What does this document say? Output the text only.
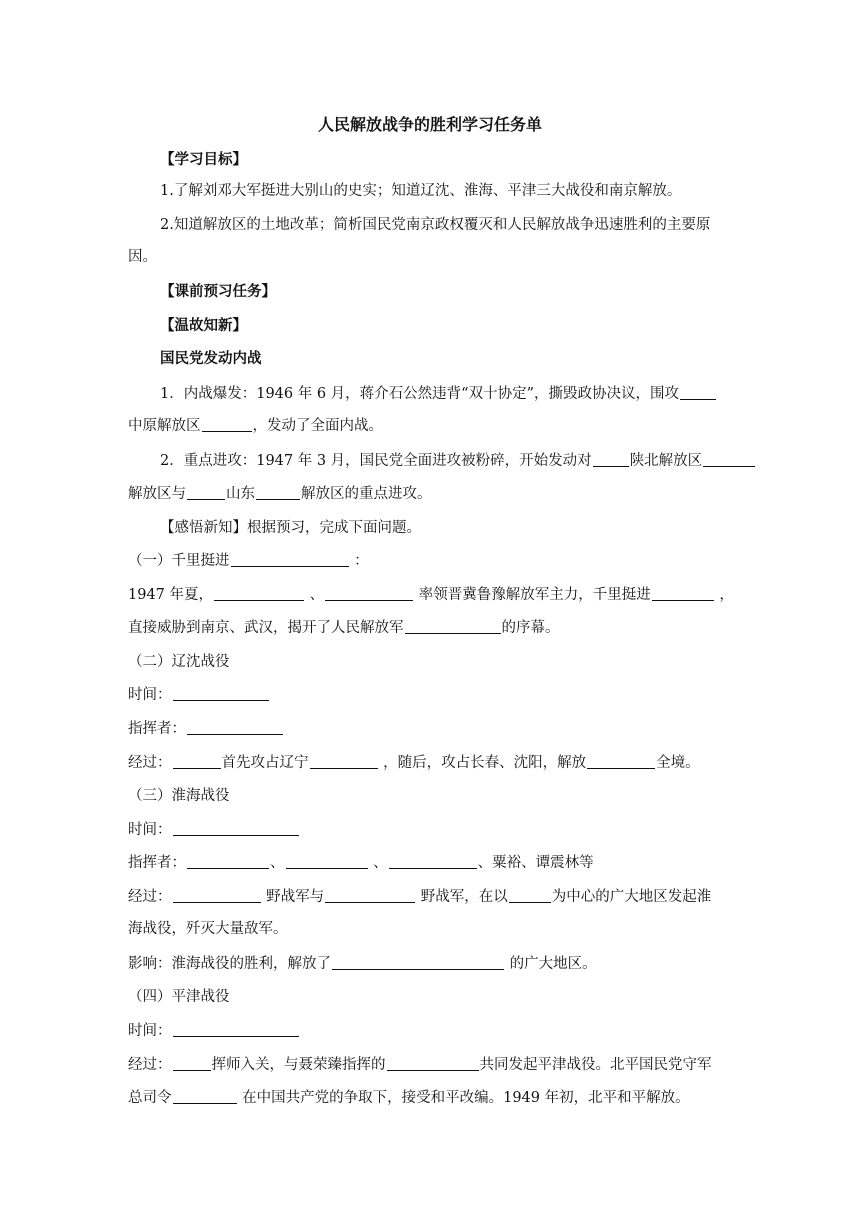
人民解放战争的胜利学习任务单
【学习目标】
1.了解刘邓大军挺进大别山的史实；知道辽沈、淮海、平津三大战役和南京解放。
2.知道解放区的土地改革；简析国民党南京政权覆灭和人民解放战争迅速胜利的主要原
因。
【课前预习任务】
【温故知新】
国民党发动内战
1．内战爆发：1946 年 6 月，蒋介石公然违背“双十协定”，撕毁政协决议，围攻
中原解放区	，发动了全面内战。
2．重点进攻：1947 年 3 月，国民党全面进攻被粉碎，开始发动对	陕北解放区
解放区与	山东	解放区的重点进攻。
【感悟新知】根据预习，完成下面问题。
（一）千里挺进	：
1947 年夏，	、	率领晋冀鲁豫解放军主力，千里挺进	，
直接威胁到南京、武汉，揭开了人民解放军	的序幕。
（二）辽沈战役
时间：
指挥者：
经过：	首先攻占辽宁	，随后，攻占长春、沈阳，解放	全境。
（三）淮海战役
时间：
指挥者：	、	、	、粟裕、谭震林等
经过：	野战军与	野战军，在以	为中心的广大地区发起淮
海战役，歼灭大量敌军。
影响：淮海战役的胜利，解放了	的广大地区。
（四）平津战役
时间：
经过：	挥师入关，与聂荣臻指挥的	共同发起平津战役。北平国民党守军
总司令	在中国共产党的争取下，接受和平改编。1949 年初，北平和平解放。
